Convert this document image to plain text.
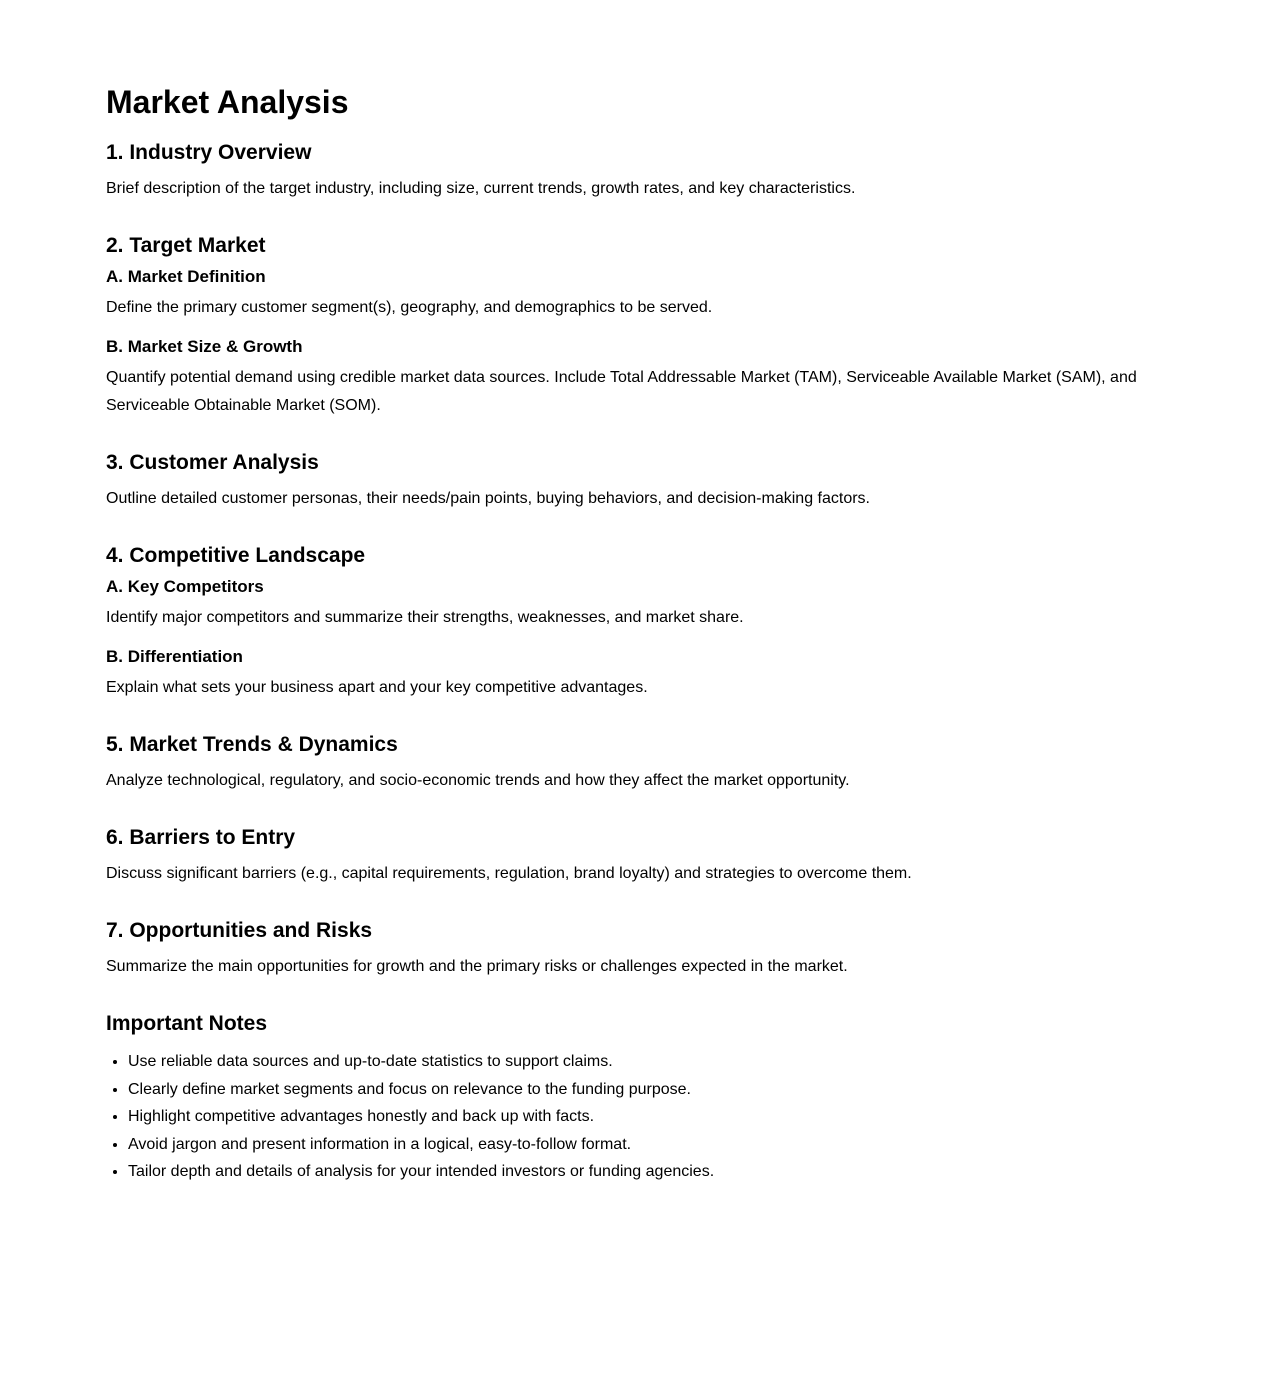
Market Analysis
1. Industry Overview

Brief description of the target industry, including size, current trends, growth rates, and key characteristics.

2. Target Market
A. Market Definition

Define the primary customer segment(s), geography, and demographics to be served.

B. Market Size & Growth

Quantify potential demand using credible market data sources. Include Total Addressable Market (TAM), Serviceable Available Market (SAM), and Serviceable Obtainable Market (SOM).

3. Customer Analysis

Outline detailed customer personas, their needs/pain points, buying behaviors, and decision-making factors.

4. Competitive Landscape
A. Key Competitors

Identify major competitors and summarize their strengths, weaknesses, and market share.

B. Differentiation

Explain what sets your business apart and your key competitive advantages.

5. Market Trends & Dynamics

Analyze technological, regulatory, and socio-economic trends and how they affect the market opportunity.

6. Barriers to Entry

Discuss significant barriers (e.g., capital requirements, regulation, brand loyalty) and strategies to overcome them.

7. Opportunities and Risks

Summarize the main opportunities for growth and the primary risks or challenges expected in the market.

Important Notes
• Use reliable data sources and up-to-date statistics to support claims.
• Clearly define market segments and focus on relevance to the funding purpose.
• Highlight competitive advantages honestly and back up with facts.
• Avoid jargon and present information in a logical, easy-to-follow format.
• Tailor depth and details of analysis for your intended investors or funding agencies.
